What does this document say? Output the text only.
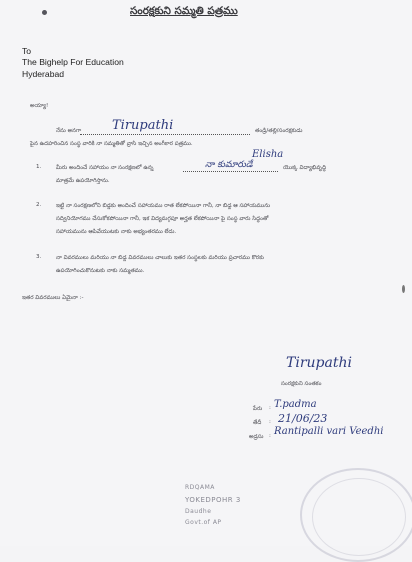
సంరక్షకుని సమ్మతి పత్రము
To
The Bighelp For Education
Hyderabad
అయ్యా!
నేను అనగా Tirupathi	తండ్రి/తల్లి/సంరక్షకుడు
పైన ఉదహరించిన సంస్థ వారికి నా సమ్మతితో వ్రాసి ఇచ్చిన అంగీకార పత్రము.
1.	మీరు అందించే సహాయం నా సంరక్షణలో ఉన్న	నా కుమారుడే
Elisha
యొక్క విద్యాభివృద్ధి
మాత్రమే ఉపయోగిస్తాను.
2.	ఇట్టి నా సంరక్షణలోని బిడ్డకు అందించే సహాయము రాత లేకపోయినా గానీ, నా బిడ్డ ఆ సహాయమును
సద్వినియోగము చేసుకోకపోయినా గానీ, ఇక విద్యమగ్గపూ అర్హత లేకపోయినా పై సంస్థ వారు సిద్ధంతో
సహాయమును ఆపివేయుటకు నాకు అభ్యంతరము లేదు.
3.	నా వివరములు మరియు నా బిడ్డ వివరములు చాలుకు ఇతర సంస్థలకు మరియు ప్రచారము కొరకు
ఉపయోగించుకొనుటకు నాకు సమ్మతము.
ఇతర వివరములు ఏమైనా :-
Tirupathi
సంరక్షకుని సంతకం
పేరు : T.padma
తేదీ : 21/06/23
అడ్రసు : Rantipalli vari Veedhi
RDQAMA
YOKEDPOHR 3
Daudhe
Govt.of AP
